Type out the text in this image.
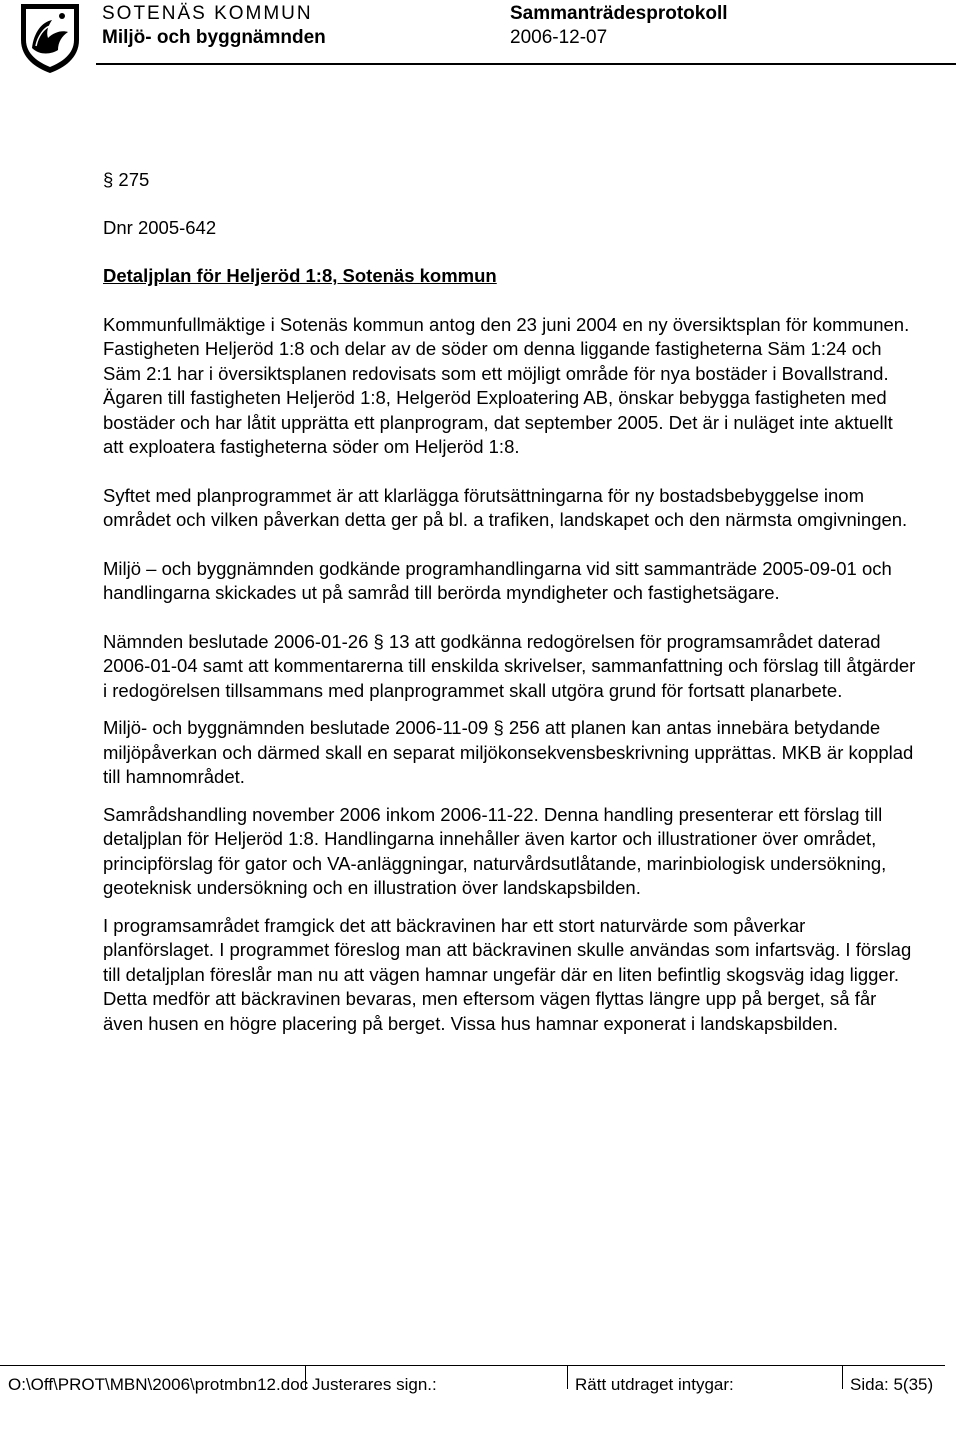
SOTENÄS KOMMUN	Sammanträdesprotokoll
Miljö- och byggnämnden	2006-12-07

§ 275

Dnr 2005-642

Detaljplan för Heljeröd 1:8, Sotenäs kommun

Kommunfullmäktige i Sotenäs kommun antog den 23 juni 2004 en ny översiktsplan för kommunen. Fastigheten Heljeröd 1:8 och delar av de söder om denna liggande fastigheterna Säm 1:24 och Säm 2:1 har i översiktsplanen redovisats som ett möjligt område för nya bostäder i Bovallstrand. Ägaren till fastigheten Heljeröd 1:8, Helgeröd Exploatering AB, önskar bebygga fastigheten med bostäder och har låtit upprätta ett planprogram, dat september 2005. Det är i nuläget inte aktuellt att exploatera fastigheterna söder om Heljeröd 1:8.

Syftet med planprogrammet är att klarlägga förutsättningarna för ny bostadsbebyggelse inom området och vilken påverkan detta ger på bl. a trafiken, landskapet och den närmsta omgivningen.

Miljö – och byggnämnden godkände programhandlingarna vid sitt sammanträde 2005-09-01 och handlingarna skickades ut på samråd till berörda myndigheter och fastighetsägare.

Nämnden beslutade 2006-01-26 § 13 att godkänna redogörelsen för programsamrådet daterad 2006-01-04 samt att kommentarerna till enskilda skrivelser, sammanfattning och förslag till åtgärder i redogörelsen tillsammans med planprogrammet skall utgöra grund för fortsatt planarbete.

Miljö- och byggnämnden beslutade 2006-11-09 § 256 att planen kan antas innebära betydande miljöpåverkan och därmed skall en separat miljökonsekvensbeskrivning upprättas. MKB är kopplad till hamnområdet.

Samrådshandling november 2006 inkom 2006-11-22. Denna handling presenterar ett förslag till detaljplan för Heljeröd 1:8. Handlingarna innehåller även kartor och illustrationer över området, principförslag för gator och VA-anläggningar, naturvårdsutlåtande, marinbiologisk undersökning, geoteknisk undersökning och en illustration över landskapsbilden.

I programsamrådet framgick det att bäckravinen har ett stort naturvärde som påverkar planförslaget. I programmet föreslog man att bäckravinen skulle användas som infartsväg. I förslag till detaljplan föreslår man nu att vägen hamnar ungefär där en liten befintlig skogsväg idag ligger. Detta medför att bäckravinen bevaras, men eftersom vägen flyttas längre upp på berget, så får även husen en högre placering på berget. Vissa hus hamnar exponerat i landskapsbilden.

O:\Off\PROT\MBN\2006\protmbn12.doc Justerares sign.:	Rätt utdraget intygar:	Sida: 5(35)
